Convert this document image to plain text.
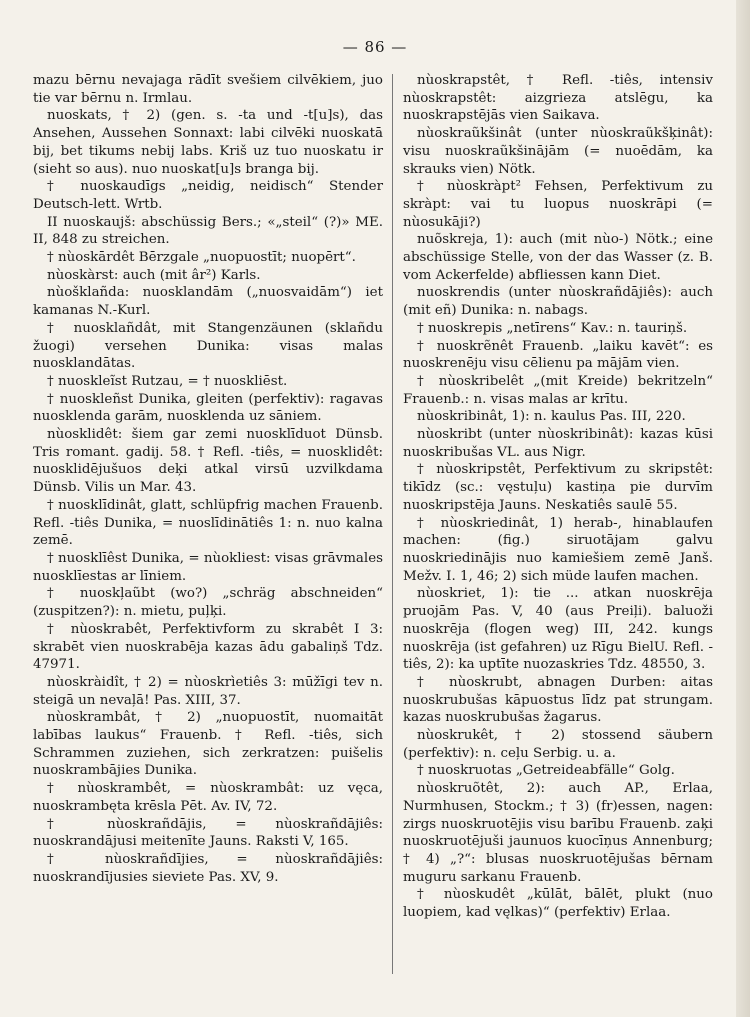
— 86 —

mazu bērnu nevajaga rādīt svešiem cilvēkiem, juo tie var bērnu n. Irmlau.

nuoskats, † 2) (gen. s. -ta und -t[u]s), das Ansehen, Aussehen Sonnaxt: labi cilvēki nuoskatā bij, bet tikums nebij labs. Kriš uz tuo nuoskatu ir (sieht so aus). nuo nuoskat[u]s branga bij.

† nuoskaudīgs „neidig, neidisch“ Stender Deutsch-lett. Wrtb.

II nuoskaujš: abschüssig Bers.; «„steil“ (?)» ME. II, 848 zu streichen.

† nùoskārdêt Bērzgale „nuopuostīt; nuopērt“.

nùoskàrst: auch (mit âr²) Karls.

nùošklañda: nuosklandām („nuosvaidām“) iet kamanas N.-Kurl.

† nuosklañdât, mit Stangenzäunen (sklañdu žuogi) versehen Dunika: visas malas nuosklandātas.

† nuoskleĩst Rutzau, = † nuoskliēst.

† nuoskleñst Dunika, gleiten (perfektiv): ragavas nuosklenda garām, nuosklenda uz sāniem.

nùosklidêt: šiem gar zemi nuosklīduot Dünsb. Tris romant. gadij. 58. † Refl. -tiês, = nuosklidêt: nuosklidējušuos deķi atkal virsū uzvilkdama Dünsb. Vilis un Mar. 43.

† nuosklīdinât, glatt, schlüpfrig machen Frauenb. Refl. -tiês Dunika, = nuoslīdinātiês 1: n. nuo kalna zemē.

† nuosklīêst Dunika, = nùokliest: visas grāvmales nuosklīestas ar līniem.

† nuoskļaũbt (wo?) „schräg abschneiden“ (zuspitzen?): n. mietu, puļķi.

† nùoskrabêt, Perfektivform zu skrabêt I 3: skrabēt vien nuoskrabēja kazas ādu gabaliņš Tdz. 47971.

nùoskràidît, † 2) = nùoskrìetiês 3: mūžīgi tev n. steigā un nevaļā! Pas. XIII, 37.

nùoskrambât, † 2) „nuopuostīt, nuomaitāt labības laukus“ Frauenb. † Refl. -tiês, sich Schrammen zuziehen, sich zerkratzen: puišelis nuoskrambājies Dunika.

† nùoskrambêt, = nùoskrambât: uz vęca, nuoskrambęta krēsla Pēt. Av. IV, 72.

† nùoskrañdājis, = nùoskrañdājiês: nuoskrandājusi meitenīte Jauns. Raksti V, 165.

† nùoskrañdījies, = nùoskrañdājiês: nuoskrandījusies sieviete Pas. XV, 9.

nùoskrapstêt, † Refl. -tiês, intensiv nùoskrapstêt: aizgrieza atslēgu, ka nuoskrapstējās vien Saikava.

nùoskraũkšinât (unter nùoskraũkšķinât): visu nuoskraũkšinājām (= nuoēdām, ka skrauks vien) Nötk.

† nùoskràpt² Fehsen, Perfektivum zu skràpt: vai tu luopus nuoskrāpi (= nùosukāji?)

nuõskreja, 1): auch (mit nùo-) Nötk.; eine abschüssige Stelle, von der das Wasser (z. B. vom Ackerfelde) abfliessen kann Diet.

nuoskrendis (unter nùoskrañdājiês): auch (mit eñ) Dunika: n. nabags.

† nuoskrepis „netīrens“ Kav.: n. tauriņš.

† nuoskrẽnêt Frauenb. „laiku kavēt“: es nuoskrenēju visu cēlienu pa mājām vien.

† nùoskribelêt „(mit Kreide) bekritzeln“ Frauenb.: n. visas malas ar krītu.

nùoskribinât, 1): n. kaulus Pas. III, 220.

nùoskribt (unter nùoskribinât): kazas kūsi nuoskribušas VL. aus Nigr.

† nùoskripstêt, Perfektivum zu skripstêt: tikīdz (sc.: vęstuļu) kastiņa pie durvīm nuoskripstēja Jauns. Neskatiês saulē 55.

† nùoskriedinât, 1) herab-, hinablaufen machen: (fig.) siruotājam galvu nuoskriedinājis nuo kamiešiem zemē Janš. Mežv. I. 1, 46; 2) sich müde laufen machen.

nùoskriet, 1): tie ... atkan nuoskrēja pruojām Pas. V, 40 (aus Preiļi). baluoži nuoskrēja (flogen weg) III, 242. kungs nuoskrēja (ist gefahren) uz Rīgu BielU. Refl. -tiês, 2): ka uptīte nuozaskries Tdz. 48550, 3.

† nùoskrubt, abnagen Durben: aitas nuoskrubušas kāpuostus līdz pat strungam. kazas nuoskrubušas žagarus.

nùoskrukêt, † 2) stossend säubern (perfektiv): n. ceļu Serbig. u. a.

† nuoskruotas „Getreideabfälle“ Golg.

nùoskruõtêt, 2): auch AP., Erlaa, Nurmhusen, Stockm.; † 3) (fr)essen, nagen: zirgs nuoskruotējis visu barību Frauenb. zaķi nuoskruotējuši jaunuos kuocīņus Annenburg; † 4) „?“: blusas nuoskruotējušas bērnam muguru sarkanu Frauenb.

† nùoskudêt „kūlāt, bālēt, plukt (nuo luopiem, kad vęlkas)“ (perfektiv) Erlaa.
